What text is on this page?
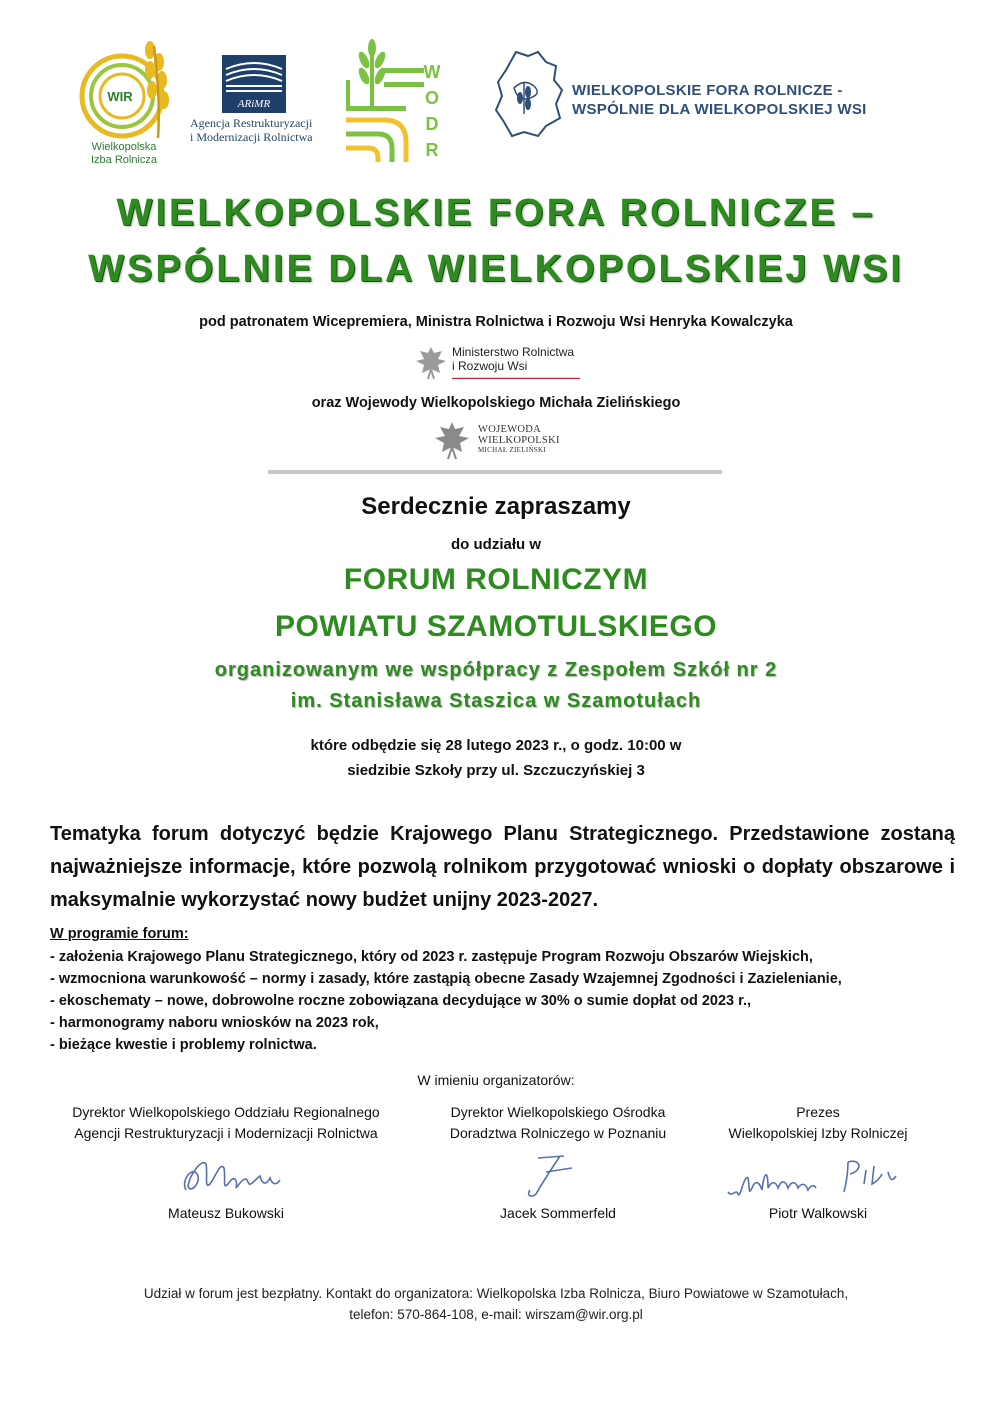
WIR
Wielkopolska
Izba Rolnicza
ARiMR
Agencja Restrukturyzacji
i Modernizacji Rolnictwa
W
O
D
R
WIELKOPOLSKIE FORA ROLNICZE -
WSPÓLNIE DLA WIELKOPOLSKIEJ WSI
WIELKOPOLSKIE FORA ROLNICZE –
WSPÓLNIE DLA WIELKOPOLSKIEJ WSI
pod patronatem Wicepremiera, Ministra Rolnictwa i Rozwoju Wsi Henryka Kowalczyka
Ministerstwo Rolnictwa
i Rozwoju Wsi
oraz Wojewody Wielkopolskiego Michała Zielińskiego
WOJEWODA
WIELKOPOLSKI
MICHAŁ ZIELIŃSKI
Serdecznie zapraszamy
do udziału w
FORUM ROLNICZYM
POWIATU SZAMOTULSKIEGO
organizowanym we współpracy z Zespołem Szkół nr 2
im. Stanisława Staszica w Szamotułach
które odbędzie się 28 lutego 2023 r., o godz. 10:00 w
siedzibie Szkoły przy ul. Szczuczyńskiej 3
Tematyka forum dotyczyć będzie Krajowego Planu Strategicznego. Przedstawione zostaną najważniejsze informacje, które pozwolą rolnikom przygotować wnioski o dopłaty obszarowe i maksymalnie wykorzystać nowy budżet unijny 2023-2027.
W programie forum:
- założenia Krajowego Planu Strategicznego, który od 2023 r. zastępuje Program Rozwoju Obszarów Wiejskich,
- wzmocniona warunkowość – normy i zasady, które zastąpią obecne Zasady Wzajemnej Zgodności i Zazielenianie,
- ekoschematy – nowe, dobrowolne roczne zobowiązana decydujące w 30% o sumie dopłat od 2023 r.,
- harmonogramy naboru wniosków na 2023 rok,
- bieżące kwestie i problemy rolnictwa.
W imieniu organizatorów:
Dyrektor Wielkopolskiego Oddziału Regionalnego
Agencji Restrukturyzacji i Modernizacji Rolnictwa
Dyrektor Wielkopolskiego Ośrodka
Doradztwa Rolniczego w Poznaniu
Prezes
Wielkopolskiej Izby Rolniczej
Mateusz Bukowski	Jacek Sommerfeld	Piotr Walkowski
Udział w forum jest bezpłatny. Kontakt do organizatora: Wielkopolska Izba Rolnicza, Biuro Powiatowe w Szamotułach,
telefon: 570-864-108, e-mail: wirszam@wir.org.pl
